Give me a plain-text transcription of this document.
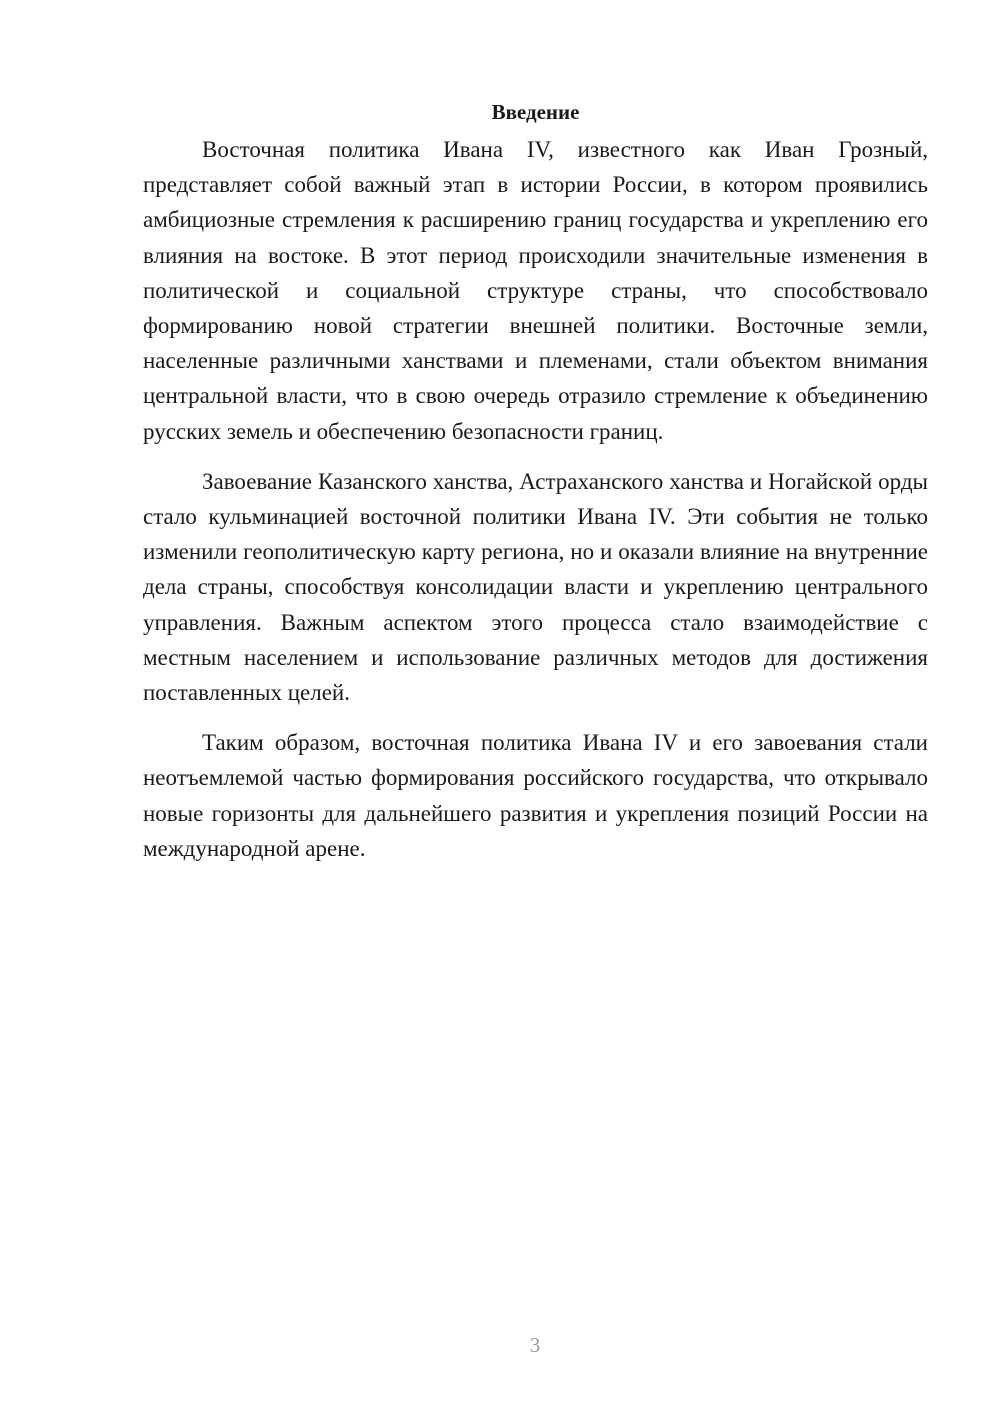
Введение

Восточная политика Ивана IV, известного как Иван Грозный, представляет собой важный этап в истории России, в котором проявились амбициозные стремления к расширению границ государства и укреплению его влияния на востоке. В этот период происходили значительные изменения в политической и социальной структуре страны, что способствовало формированию новой стратегии внешней политики. Восточные земли, населенные различными ханствами и племенами, стали объектом внимания центральной власти, что в свою очередь отразило стремление к объединению русских земель и обеспечению безопасности границ.

Завоевание Казанского ханства, Астраханского ханства и Ногайской орды стало кульминацией восточной политики Ивана IV. Эти события не только изменили геополитическую карту региона, но и оказали влияние на внутренние дела страны, способствуя консолидации власти и укреплению центрального управления. Важным аспектом этого процесса стало взаимодействие с местным населением и использование различных методов для достижения поставленных целей.

Таким образом, восточная политика Ивана IV и его завоевания стали неотъемлемой частью формирования российского государства, что открывало новые горизонты для дальнейшего развития и укрепления позиций России на международной арене.

3
